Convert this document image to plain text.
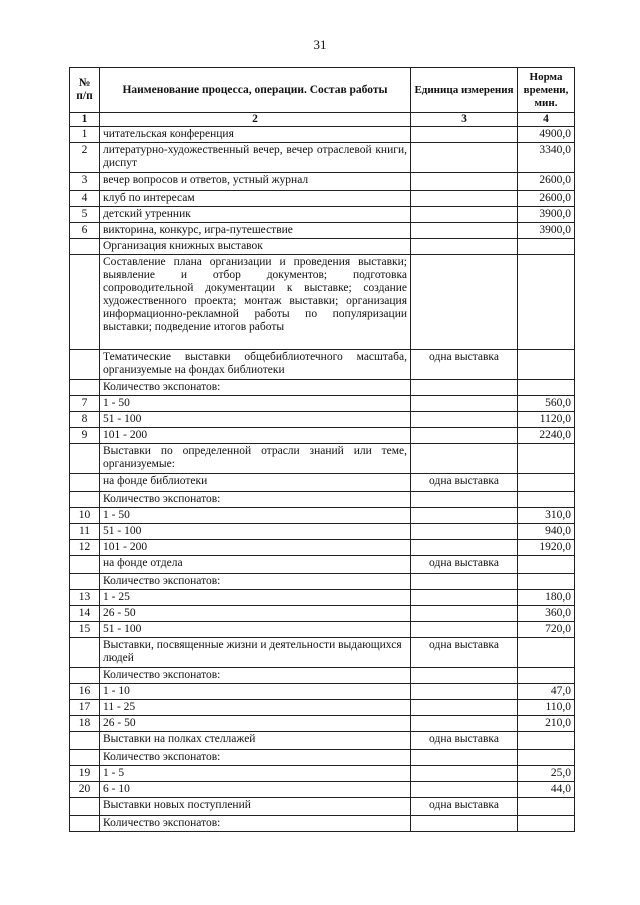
31
№ п/п	Наименование процесса, операции. Состав работы	Единица измерения	Норма времени, мин.
1	2	3	4
1	читательская конференция		4900,0
2	литературно-художественный вечер, вечер отраслевой книги, диспут		3340,0
3	вечер вопросов и ответов, устный журнал		2600,0
4	клуб по интересам		2600,0
5	детский утренник		3900,0
6	викторина, конкурс, игра-путешествие		3900,0
	Организация книжных выставок		
	Составление плана организации и проведения выставки; выявление и отбор документов; подготовка сопроводительной документации к выставке; создание художественного проекта; монтаж выставки; организация информационно-рекламной работы по популяризации выставки; подведение итогов работы		
	Тематические выставки общебиблиотечного масштаба, организуемые на фондах библиотеки	одна выставка	
	Количество экспонатов:		
7	1 - 50		560,0
8	51 - 100		1120,0
9	101 - 200		2240,0
	Выставки по определенной отрасли знаний или теме, организуемые:		
	на фонде библиотеки	одна выставка	
	Количество экспонатов:		
10	1 - 50		310,0
11	51 - 100		940,0
12	101 - 200		1920,0
	на фонде отдела	одна выставка	
	Количество экспонатов:		
13	1 - 25		180,0
14	26 - 50		360,0
15	51 - 100		720,0
	Выставки, посвященные жизни и деятельности выдающихся людей	одна выставка	
	Количество экспонатов:		
16	1 - 10		47,0
17	11 - 25		110,0
18	26 - 50		210,0
	Выставки на полках стеллажей	одна выставка	
	Количество экспонатов:		
19	1 - 5		25,0
20	6 - 10		44,0
	Выставки новых поступлений	одна выставка	
	Количество экспонатов:		
